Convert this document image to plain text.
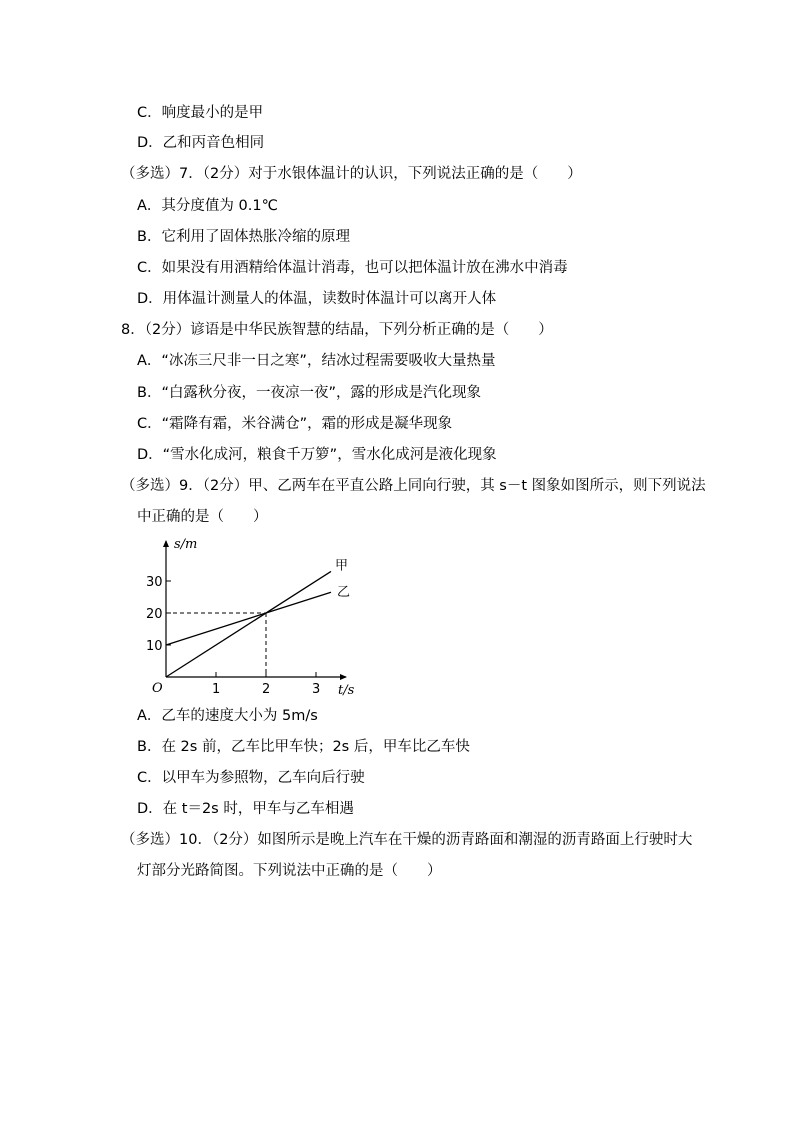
C．响度最小的是甲
D．乙和丙音色相同
（多选）7．（2分）对于水银体温计的认识，下列说法正确的是（　　）
A．其分度值为 0.1℃
B．它利用了固体热胀冷缩的原理
C．如果没有用酒精给体温计消毒，也可以把体温计放在沸水中消毒
D．用体温计测量人的体温，读数时体温计可以离开人体
8．（2分）谚语是中华民族智慧的结晶，下列分析正确的是（　　）
A．“冰冻三尺非一日之寒”，结冰过程需要吸收大量热量
B．“白露秋分夜，一夜凉一夜”，露的形成是汽化现象
C．“霜降有霜，米谷满仓”，霜的形成是凝华现象
D．“雪水化成河，粮食千万箩”，雪水化成河是液化现象
（多选）9．（2分）甲、乙两车在平直公路上同向行驶，其 s－t 图象如图所示，则下列说法
中正确的是（　　）
s/m
t/s
O	1	2	3
10
20
30
甲
乙
A．乙车的速度大小为 5m/s
B．在 2s 前，乙车比甲车快；2s 后，甲车比乙车快
C．以甲车为参照物，乙车向后行驶
D．在 t＝2s 时，甲车与乙车相遇
（多选）10．（2分）如图所示是晚上汽车在干燥的沥青路面和潮湿的沥青路面上行驶时大
灯部分光路简图。下列说法中正确的是（　　）
